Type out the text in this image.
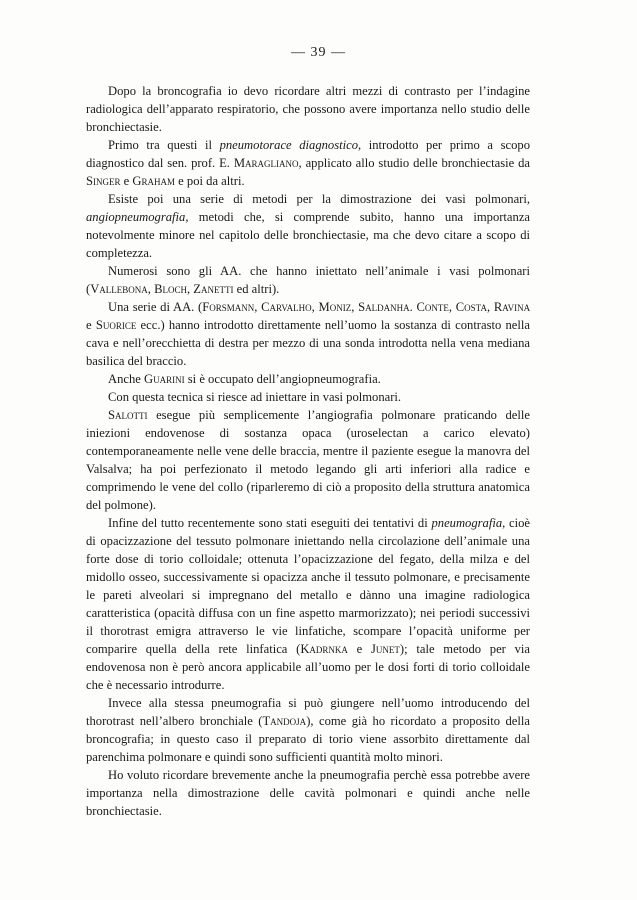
— 39 —

Dopo la broncografia io devo ricordare altri mezzi di contrasto per l’indagine radiologica dell’apparato respiratorio, che possono avere importanza nello studio delle bronchiectasie.

Primo tra questi il pneumotorace diagnostico, introdotto per primo a scopo diagnostico dal sen. prof. E. Maragliano, applicato allo studio delle bronchiectasie da Singer e Graham e poi da altri.

Esiste poi una serie di metodi per la dimostrazione dei vasi polmonari, angiopneumografia, metodi che, si comprende subito, hanno una importanza notevolmente minore nel capitolo delle bronchiectasie, ma che devo citare a scopo di completezza.

Numerosi sono gli AA. che hanno iniettato nell’animale i vasi polmonari (Vallebona, Bloch, Zanetti ed altri).

Una serie di AA. (Forsmann, Carvalho, Moniz, Saldanha. Conte, Costa, Ravina e Suorice ecc.) hanno introdotto direttamente nell’uomo la sostanza di contrasto nella cava e nell’orecchietta di destra per mezzo di una sonda introdotta nella vena mediana basilica del braccio.

Anche Guarini si è occupato dell’angiopneumografia.

Con questa tecnica si riesce ad iniettare in vasi polmonari.

Salotti esegue più semplicemente l’angiografia polmonare praticando delle iniezioni endovenose di sostanza opaca (uroselectan a carico elevato) contemporaneamente nelle vene delle braccia, mentre il paziente esegue la manovra del Valsalva; ha poi perfezionato il metodo legando gli arti inferiori alla radice e comprimendo le vene del collo (riparleremo di ciò a proposito della struttura anatomica del polmone).

Infine del tutto recentemente sono stati eseguiti dei tentativi di pneumografia, cioè di opacizzazione del tessuto polmonare iniettando nella circolazione dell’animale una forte dose di torio colloidale; ottenuta l’opacizzazione del fegato, della milza e del midollo osseo, successivamente si opacizza anche il tessuto polmonare, e precisamente le pareti alveolari si impregnano del metallo e dànno una imagine radiologica caratteristica (opacità diffusa con un fine aspetto marmorizzato); nei periodi successivi il thorotrast emigra attraverso le vie linfatiche, scompare l’opacità uniforme per comparire quella della rete linfatica (Kadrnka e Junet); tale metodo per via endovenosa non è però ancora applicabile all’uomo per le dosi forti di torio colloidale che è necessario introdurre.

Invece alla stessa pneumografia si può giungere nell’uomo introducendo del thorotrast nell’albero bronchiale (Tandoja), come già ho ricordato a proposito della broncografia; in questo caso il preparato di torio viene assorbito direttamente dal parenchima polmonare e quindi sono sufficienti quantità molto minori.

Ho voluto ricordare brevemente anche la pneumografia perchè essa potrebbe avere importanza nella dimostrazione delle cavità polmonari e quindi anche nelle bronchiectasie.
